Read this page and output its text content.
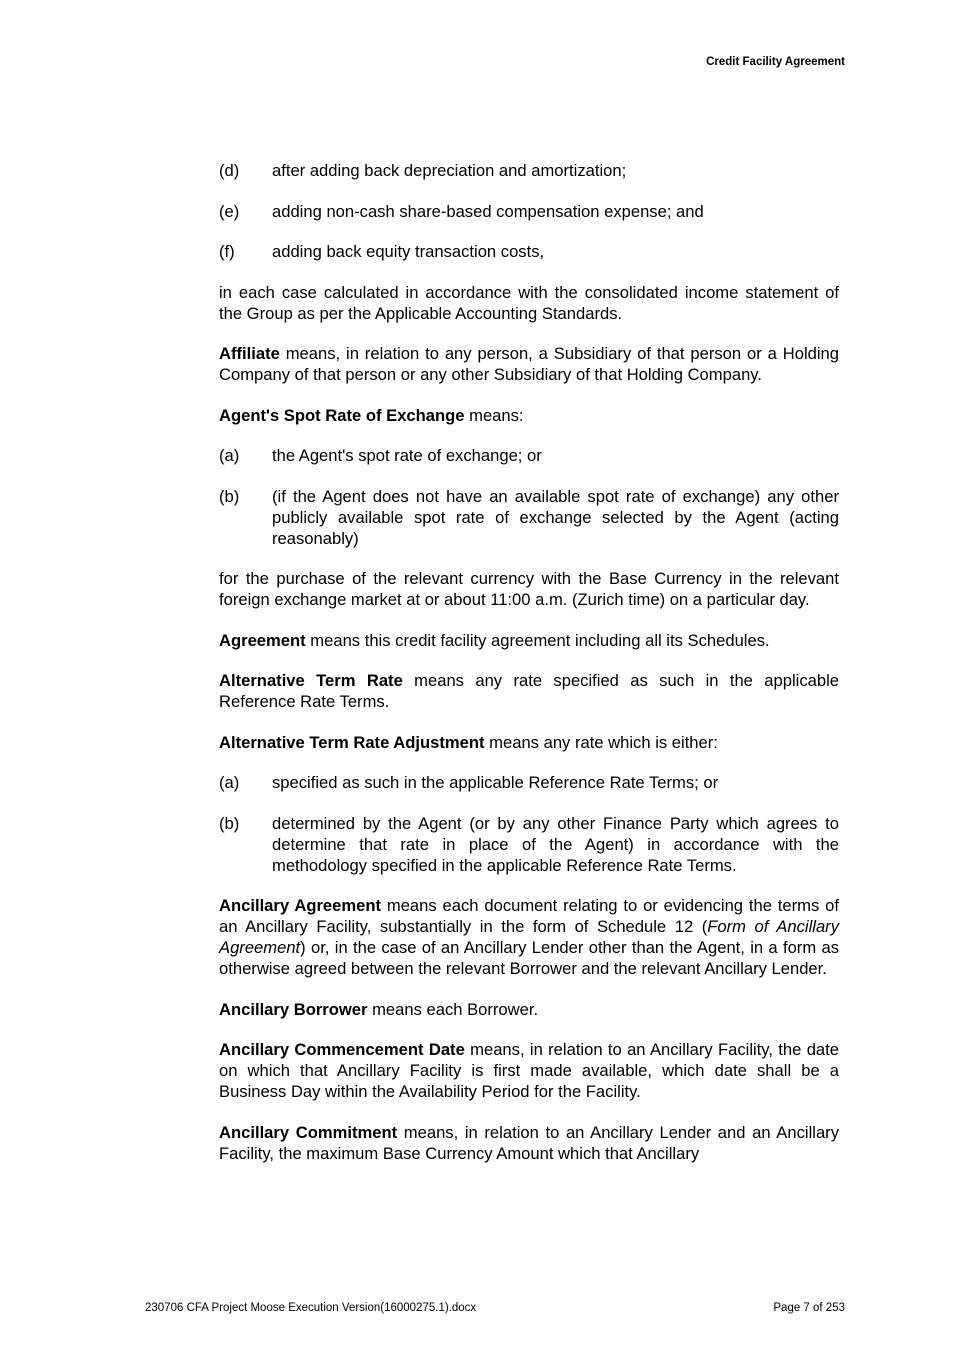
Credit Facility Agreement
(d)	after adding back depreciation and amortization;
(e)	adding non-cash share-based compensation expense; and
(f)	adding back equity transaction costs,

in each case calculated in accordance with the consolidated income statement of the Group as per the Applicable Accounting Standards.

Affiliate means, in relation to any person, a Subsidiary of that person or a Holding Company of that person or any other Subsidiary of that Holding Company.

Agent's Spot Rate of Exchange means:

(a)	the Agent's spot rate of exchange; or
(b)	(if the Agent does not have an available spot rate of exchange) any other publicly available spot rate of exchange selected by the Agent (acting reasonably)

for the purchase of the relevant currency with the Base Currency in the relevant foreign exchange market at or about 11:00 a.m. (Zurich time) on a particular day.

Agreement means this credit facility agreement including all its Schedules.

Alternative Term Rate means any rate specified as such in the applicable Reference Rate Terms.

Alternative Term Rate Adjustment means any rate which is either:

(a)	specified as such in the applicable Reference Rate Terms; or
(b)	determined by the Agent (or by any other Finance Party which agrees to determine that rate in place of the Agent) in accordance with the methodology specified in the applicable Reference Rate Terms.

Ancillary Agreement means each document relating to or evidencing the terms of an Ancillary Facility, substantially in the form of Schedule 12 (Form of Ancillary Agreement) or, in the case of an Ancillary Lender other than the Agent, in a form as otherwise agreed between the relevant Borrower and the relevant Ancillary Lender.

Ancillary Borrower means each Borrower.

Ancillary Commencement Date means, in relation to an Ancillary Facility, the date on which that Ancillary Facility is first made available, which date shall be a Business Day within the Availability Period for the Facility.

Ancillary Commitment means, in relation to an Ancillary Lender and an Ancillary Facility, the maximum Base Currency Amount which that Ancillary

230706 CFA Project Moose Execution Version(16000275.1).docx	Page 7 of 253
